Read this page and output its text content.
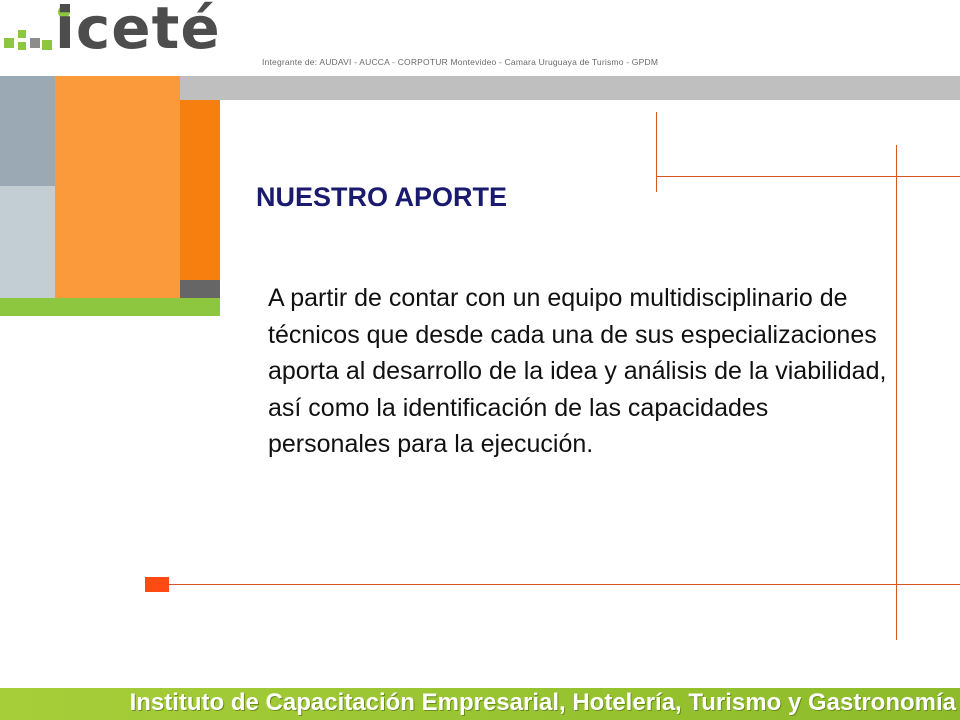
iceté	Integrante de: AUDAVI - AUCCA - CORPOTUR Montevideo - Camara Uruguaya de Turismo - GPDM
NUESTRO APORTE
A partir de contar con un equipo multidisciplinario de técnicos que desde cada una de sus especializaciones aporta al desarrollo de la idea y análisis de la viabilidad, así como la identificación de las capacidades personales para la ejecución.
Instituto de Capacitación Empresarial, Hotelería, Turismo y Gastronomía
